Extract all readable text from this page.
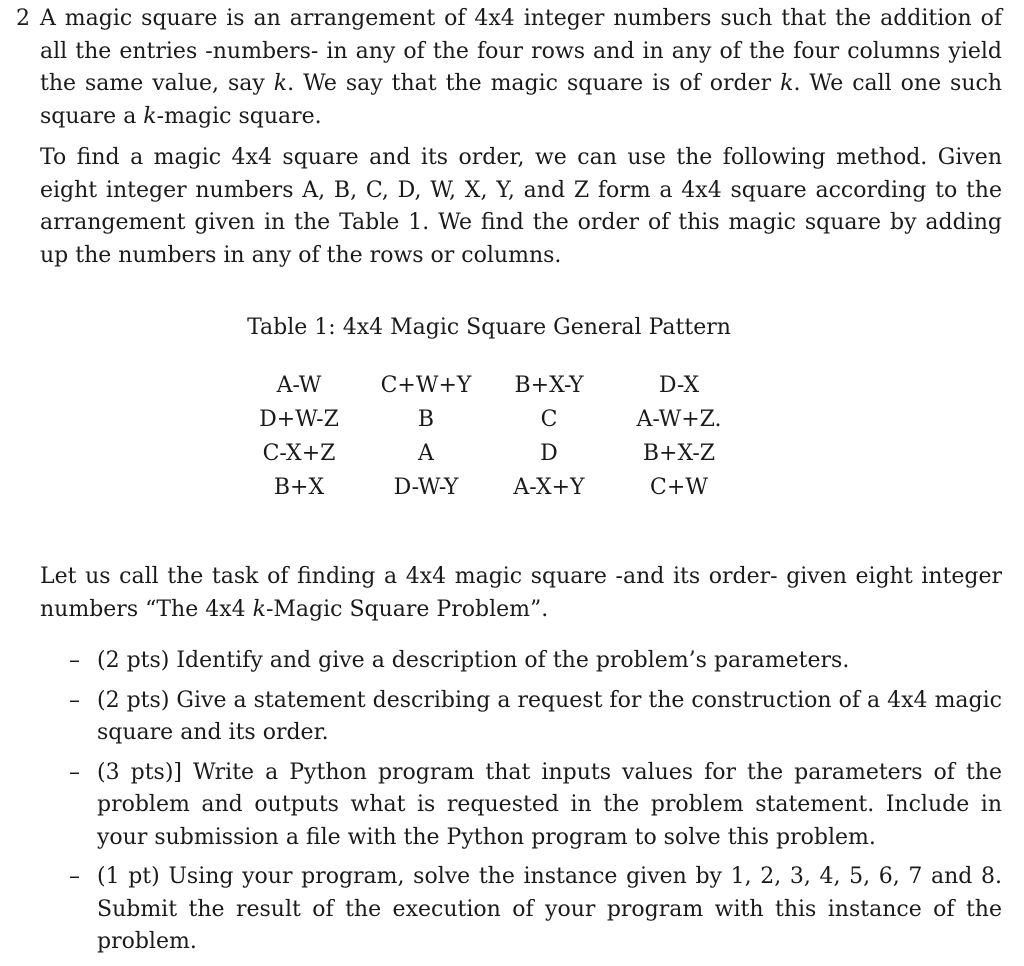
2 A magic square is an arrangement of 4x4 integer numbers such that the addition of all the entries -numbers- in any of the four rows and in any of the four columns yield the same value, say k. We say that the magic square is of order k. We call one such square a k-magic square.

To find a magic 4x4 square and its order, we can use the following method. Given eight integer numbers A, B, C, D, W, X, Y, and Z form a 4x4 square according to the arrangement given in the Table 1. We find the order of this magic square by adding up the numbers in any of the rows or columns.

Table 1: 4x4 Magic Square General Pattern
A-W	C+W+Y	B+X-Y	D-X
D+W-Z	B	C	A-W+Z.
C-X+Z	A	D	B+X-Z
B+X	D-W-Y	A-X+Y	C+W

Let us call the task of finding a 4x4 magic square -and its order- given eight integer numbers “The 4x4 k-Magic Square Problem”.

– (2 pts) Identify and give a description of the problem’s parameters.
– (2 pts) Give a statement describing a request for the construction of a 4x4 magic square and its order.
– (3 pts)] Write a Python program that inputs values for the parameters of the problem and outputs what is requested in the problem statement. Include in your submission a file with the Python program to solve this problem.
– (1 pt) Using your program, solve the instance given by 1, 2, 3, 4, 5, 6, 7 and 8. Submit the result of the execution of your program with this instance of the problem.
